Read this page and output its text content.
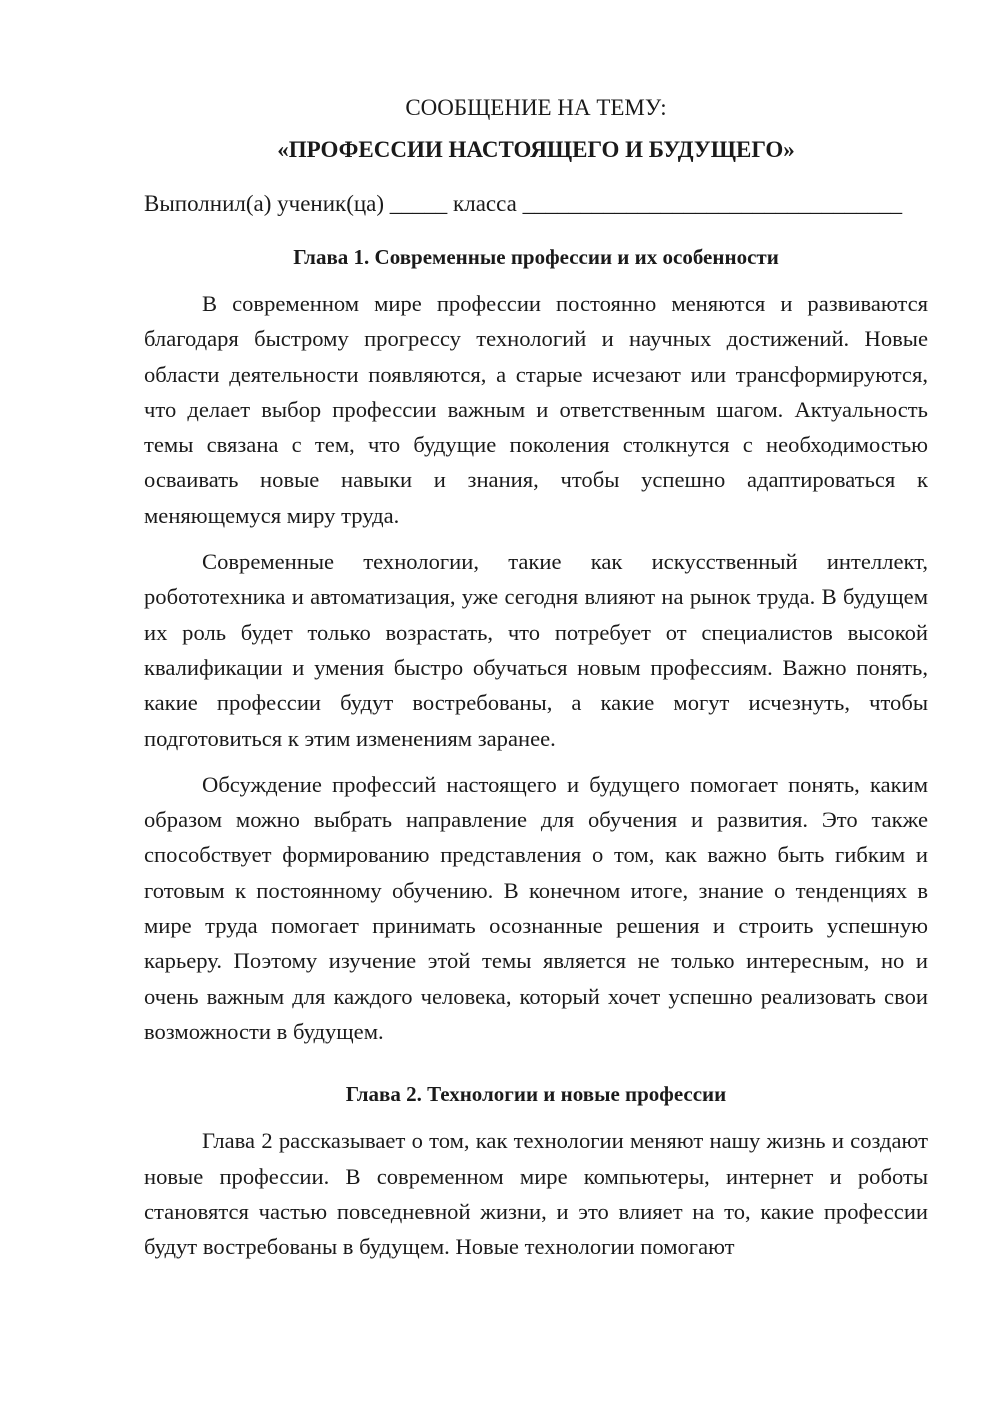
СООБЩЕНИЕ НА ТЕМУ:

«ПРОФЕССИИ НАСТОЯЩЕГО И БУДУЩЕГО»

Выполнил(а) ученик(ца) _____ класса _________________________________
Глава 1. Современные профессии и их особенности

В современном мире профессии постоянно меняются и развиваются благодаря быстрому прогрессу технологий и научных достижений. Новые области деятельности появляются, а старые исчезают или трансформируются, что делает выбор профессии важным и ответственным шагом. Актуальность темы связана с тем, что будущие поколения столкнутся с необходимостью осваивать новые навыки и знания, чтобы успешно адаптироваться к меняющемуся миру труда.

Современные технологии, такие как искусственный интеллект, робототехника и автоматизация, уже сегодня влияют на рынок труда. В будущем их роль будет только возрастать, что потребует от специалистов высокой квалификации и умения быстро обучаться новым профессиям. Важно понять, какие профессии будут востребованы, а какие могут исчезнуть, чтобы подготовиться к этим изменениям заранее.

Обсуждение профессий настоящего и будущего помогает понять, каким образом можно выбрать направление для обучения и развития. Это также способствует формированию представления о том, как важно быть гибким и готовым к постоянному обучению. В конечном итоге, знание о тенденциях в мире труда помогает принимать осознанные решения и строить успешную карьеру. Поэтому изучение этой темы является не только интересным, но и очень важным для каждого человека, который хочет успешно реализовать свои возможности в будущем.

Глава 2. Технологии и новые профессии

Глава 2 рассказывает о том, как технологии меняют нашу жизнь и создают новые профессии. В современном мире компьютеры, интернет и роботы становятся частью повседневной жизни, и это влияет на то, какие профессии будут востребованы в будущем. Новые технологии помогают
